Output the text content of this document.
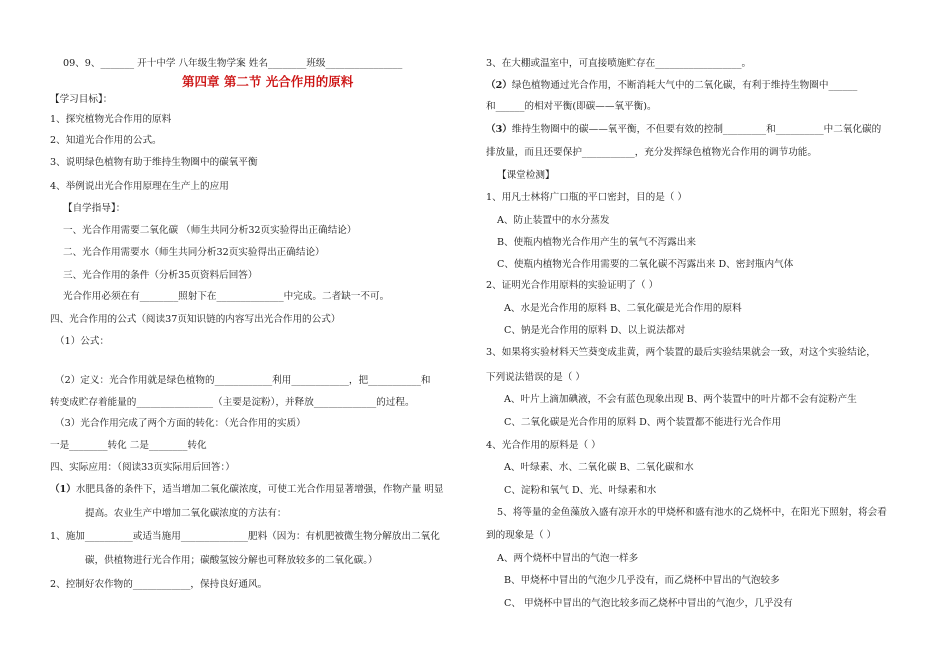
09、9、_______ 开十中学 八年级生物学案 姓名________班级________________
第四章 第二节 光合作用的原料
【学习目标】：
1、探究植物光合作用的原料
2、知道光合作用的公式。
3、说明绿色植物有助于维持生物圈中的碳氧平衡
4、举例说出光合作用原理在生产上的应用
【自学指导】：
一、光合作用需要二氧化碳 （师生共同分析32页实验得出正确结论）
二、光合作用需要水（师生共同分析32页实验得出正确结论）
三、光合作用的条件（分析35页资料后回答）
光合作用必须在有________照射下在______________中完成。二者缺一不可。
四、光合作用的公式（阅读37页知识链的内容写出光合作用的公式）
（1）公式：
（2）定义：光合作用就是绿色植物的____________利用____________，把___________和
转变成贮存着能量的________________（主要是淀粉），并释放_____________的过程。
（3）光合作用完成了两个方面的转化：（光合作用的实质）
一是________转化 二是________转化
四、实际应用：（阅读33页实际用后回答：）
（1）水肥具备的条件下，适当增加二氧化碳浓度，可使工光合作用显著增强，作物产量 明显
提高。农业生产中增加二氧化碳浓度的方法有：
1、施加__________或适当施用______________肥料（因为：有机肥被微生物分解放出二氧化
碳，供植物进行光合作用；碳酸氢铵分解也可释放较多的二氧化碳。）
2、控制好农作物的____________，保持良好通风。
3、在大棚或温室中，可直接喷施贮存在__________________。
（2）绿色植物通过光合作用，不断消耗大气中的二氧化碳，有利于维持生物圈中______
和______的相对平衡(即碳——氧平衡)。
（3）维持生物圈中的碳——氧平衡，不但要有效的控制_________和__________中二氧化碳的
排放量，而且还要保护___________，充分发挥绿色植物光合作用的调节功能。
【课堂检测】
1、用凡士林将广口瓶的平口密封，目的是（ ）
A、防止装置中的水分蒸发
B、使瓶内植物光合作用产生的氧气不泻露出来
C、使瓶内植物光合作用需要的二氧化碳不泻露出来 D、密封瓶内气体
2、证明光合作用原料的实验证明了（ ）
A、水是光合作用的原料 B、二氧化碳是光合作用的原料
C、钠是光合作用的原料 D、以上说法都对
3、如果将实验材料天竺葵变成韭黄，两个装置的最后实验结果就会一致，对这个实验结论，
下列说法错误的是（ ）
A、叶片上滴加碘液，不会有蓝色现象出现 B、两个装置中的叶片都不会有淀粉产生
C、二氧化碳是光合作用的原料 D、两个装置都不能进行光合作用
4、光合作用的原料是（ ）
A、叶绿素、水、二氧化碳 B、二氧化碳和水
C、淀粉和氧气 D、光、叶绿素和水
5、将等量的金鱼藻放入盛有凉开水的甲烧杯和盛有池水的乙烧杯中，在阳光下照射，将会看
到的现象是（ ）
A、两个烧杯中冒出的气泡一样多
B、甲烧杯中冒出的气泡少几乎没有，而乙烧杯中冒出的气泡较多
C、 甲烧杯中冒出的气泡比较多而乙烧杯中冒出的气泡少，几乎没有
